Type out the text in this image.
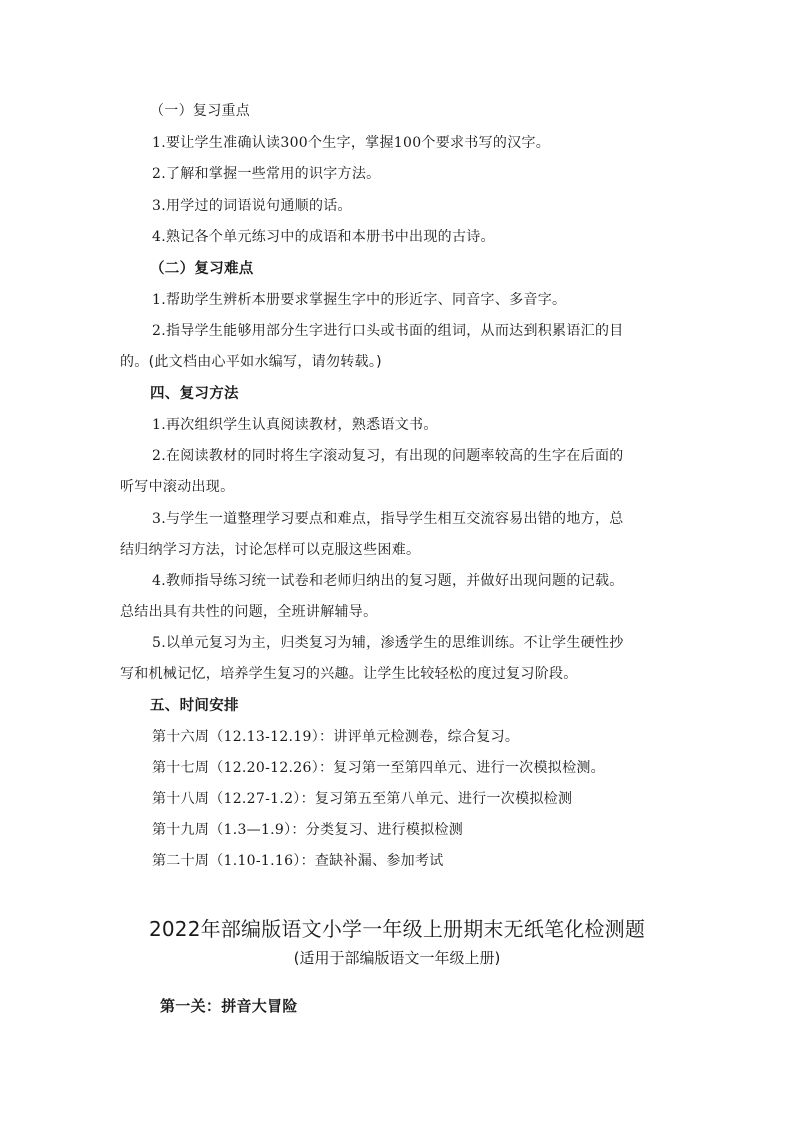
（一）复习重点
1.要让学生准确认读300个生字，掌握100个要求书写的汉字。
2.了解和掌握一些常用的识字方法。
3.用学过的词语说句通顺的话。
4.熟记各个单元练习中的成语和本册书中出现的古诗。
（二）复习难点
1.帮助学生辨析本册要求掌握生字中的形近字、同音字、多音字。
2.指导学生能够用部分生字进行口头或书面的组词，从而达到积累语汇的目
的。(此文档由心平如水编写，请勿转载。)
四、复习方法
1.再次组织学生认真阅读教材，熟悉语文书。
2.在阅读教材的同时将生字滚动复习，有出现的问题率较高的生字在后面的
听写中滚动出现。
3.与学生一道整理学习要点和难点，指导学生相互交流容易出错的地方，总
结归纳学习方法，讨论怎样可以克服这些困难。
4.教师指导练习统一试卷和老师归纳出的复习题，并做好出现问题的记载。
总结出具有共性的问题，全班讲解辅导。
5.以单元复习为主，归类复习为辅，渗透学生的思维训练。不让学生硬性抄
写和机械记忆，培养学生复习的兴趣。让学生比较轻松的度过复习阶段。
五、时间安排
第十六周（12.13-12.19）：讲评单元检测卷，综合复习。
第十七周（12.20-12.26）：复习第一至第四单元、进行一次模拟检测。
第十八周（12.27-1.2）：复习第五至第八单元、进行一次模拟检测
第十九周（1.3—1.9）：分类复习、进行模拟检测
第二十周（1.10-1.16）：查缺补漏、参加考试
2022年部编版语文小学一年级上册期末无纸笔化检测题
(适用于部编版语文一年级上册)
第一关：拼音大冒险
